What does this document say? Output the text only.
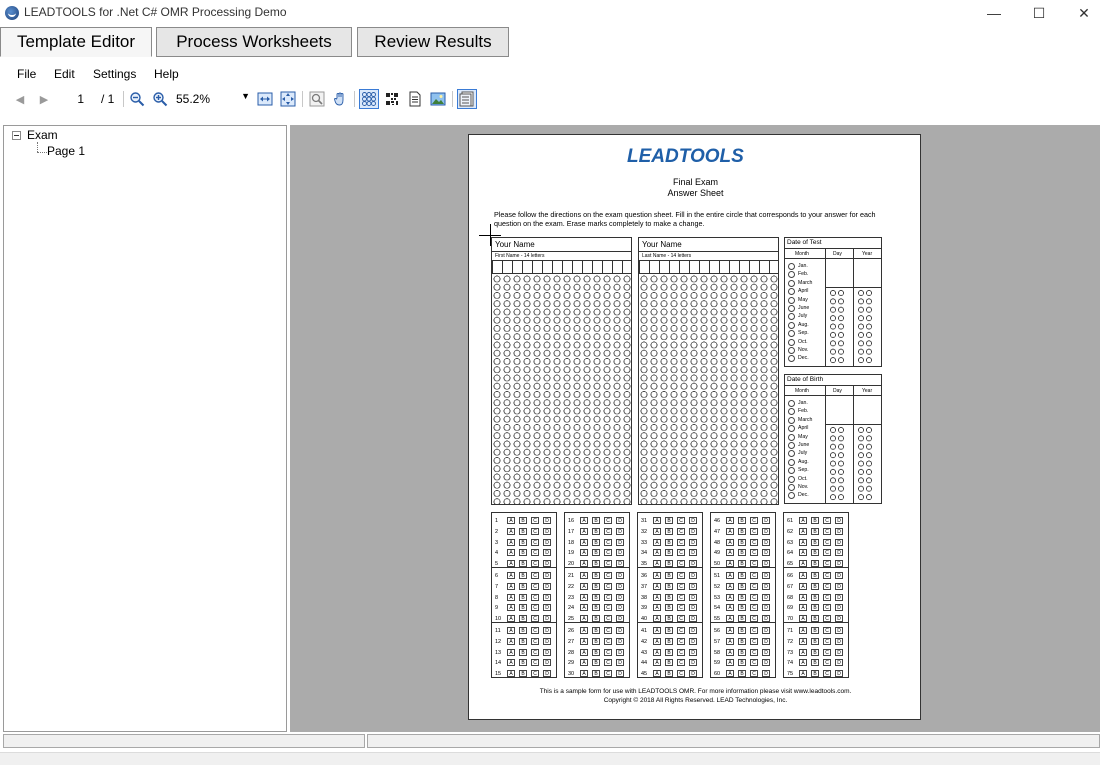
LEADTOOLS for .Net C# OMR Processing Demo	—	☐	✕
Template Editor	Process Worksheets	Review Results
File Edit Settings Help
◀	▶
1	/ 1	55.2%	▼
Exam
Page 1	LEADTOOLS
Final Exam
Answer Sheet
Please follow the directions on the exam question sheet. Fill in the entire circle that corresponds to your answer for each question on the exam. Erase marks completely to make a change.
Your Name
First Name - 14 letters
Your Name
Last Name - 14 letters
Date of Test
Month	Day	Year
Jan.
Feb.
March
April
May
June
July
Aug.
Sep.
Oct.
Nov.
Dec.
Date of Birth
Month	Day	Year
Jan.
Feb.
March
April
May
June
July
Aug.
Sep.
Oct.
Nov.
Dec.
1	A	B	C	D
2	A	B	C	D
3	A	B	C	D
4	A	B	C	D
5	A	B	C	D
6	A	B	C	D
7	A	B	C	D
8	A	B	C	D
9	A	B	C	D
10	A	B	C	D
11	A	B	C	D
12	A	B	C	D
13	A	B	C	D
14	A	B	C	D
15	A	B	C	D
16	A	B	C	D
17	A	B	C	D
18	A	B	C	D
19	A	B	C	D
20	A	B	C	D
21	A	B	C	D
22	A	B	C	D
23	A	B	C	D
24	A	B	C	D
25	A	B	C	D
26	A	B	C	D
27	A	B	C	D
28	A	B	C	D
29	A	B	C	D
30	A	B	C	D
31	A	B	C	D
32	A	B	C	D
33	A	B	C	D
34	A	B	C	D
35	A	B	C	D
36	A	B	C	D
37	A	B	C	D
38	A	B	C	D
39	A	B	C	D
40	A	B	C	D
41	A	B	C	D
42	A	B	C	D
43	A	B	C	D
44	A	B	C	D
45	A	B	C	D
46	A	B	C	D
47	A	B	C	D
48	A	B	C	D
49	A	B	C	D
50	A	B	C	D
51	A	B	C	D
52	A	B	C	D
53	A	B	C	D
54	A	B	C	D
55	A	B	C	D
56	A	B	C	D
57	A	B	C	D
58	A	B	C	D
59	A	B	C	D
60	A	B	C	D
61	A	B	C	D
62	A	B	C	D
63	A	B	C	D
64	A	B	C	D
65	A	B	C	D
66	A	B	C	D
67	A	B	C	D
68	A	B	C	D
69	A	B	C	D
70	A	B	C	D
71	A	B	C	D
72	A	B	C	D
73	A	B	C	D
74	A	B	C	D
75	A	B	C	D
This is a sample form for use with LEADTOOLS OMR. For more information please visit www.leadtools.com.
Copyright © 2018 All Rights Reserved. LEAD Technologies, Inc.
